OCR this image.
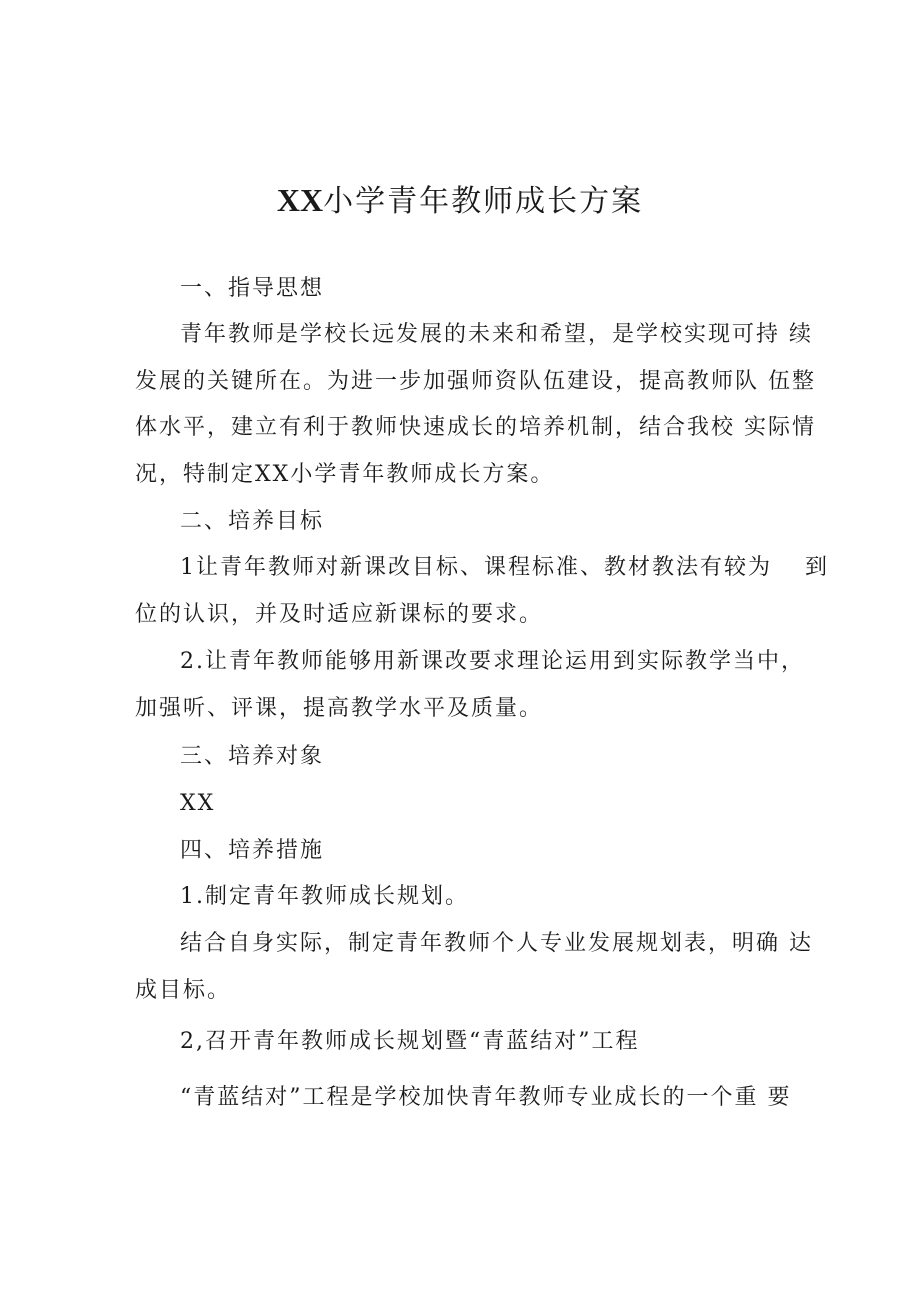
XX小学青年教师成长方案

一、指导思想

青年教师是学校长远发展的未来和希望，是学校实现可持 续

发展的关键所在。为进一步加强师资队伍建设，提高教师队 伍整

体水平，建立有利于教师快速成长的培养机制，结合我校 实际情

况，特制定XX小学青年教师成长方案。

二、培养目标

1让青年教师对新课改目标、课程标准、教材教法有较为　 到

位的认识，并及时适应新课标的要求。

2.让青年教师能够用新课改要求理论运用到实际教学当中，

加强听、评课，提高教学水平及质量。

三、培养对象

XX

四、培养措施

1.制定青年教师成长规划。

结合自身实际，制定青年教师个人专业发展规划表，明确 达

成目标。

2,召开青年教师成长规划暨“青蓝结对”工程

“青蓝结对”工程是学校加快青年教师专业成长的一个重 要
